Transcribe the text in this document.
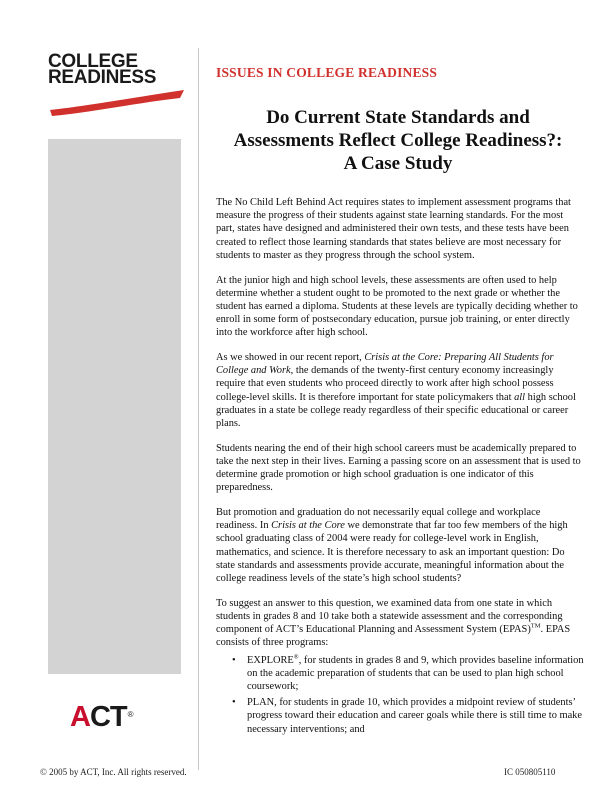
COLLEGE
READINESS
ACT®
ISSUES IN COLLEGE READINESS
Do Current State Standards and
Assessments Reflect College Readiness?:
A Case Study

The No Child Left Behind Act requires states to implement assessment programs that measure the progress of their students against state learning standards. For the most part, states have designed and administered their own tests, and these tests have been created to reflect those learning standards that states believe are most necessary for students to master as they progress through the school system.

At the junior high and high school levels, these assessments are often used to help determine whether a student ought to be promoted to the next grade or whether the student has earned a diploma. Students at these levels are typically deciding whether to enroll in some form of postsecondary education, pursue job training, or enter directly into the workforce after high school.

As we showed in our recent report, Crisis at the Core: Preparing All Students for College and Work, the demands of the twenty-first century economy increasingly require that even students who proceed directly to work after high school possess college-level skills. It is therefore important for state policymakers that all high school graduates in a state be college ready regardless of their specific educational or career plans.

Students nearing the end of their high school careers must be academically prepared to take the next step in their lives. Earning a passing score on an assessment that is used to determine grade promotion or high school graduation is one indicator of this preparedness.

But promotion and graduation do not necessarily equal college and workplace readiness. In Crisis at the Core we demonstrate that far too few members of the high school graduating class of 2004 were ready for college-level work in English, mathematics, and science. It is therefore necessary to ask an important question: Do state standards and assessments provide accurate, meaningful information about the college readiness levels of the state’s high school students?

To suggest an answer to this question, we examined data from one state in which students in grades 8 and 10 take both a statewide assessment and the corresponding component of ACT’s Educational Planning and Assessment System (EPAS)™. EPAS consists of three programs:

• EXPLORE®, for students in grades 8 and 9, which provides baseline information on the academic preparation of students that can be used to plan high school coursework;
• PLAN, for students in grade 10, which provides a midpoint review of students’ progress toward their education and career goals while there is still time to make necessary interventions; and
© 2005 by ACT, Inc. All rights reserved.	IC 050805110
